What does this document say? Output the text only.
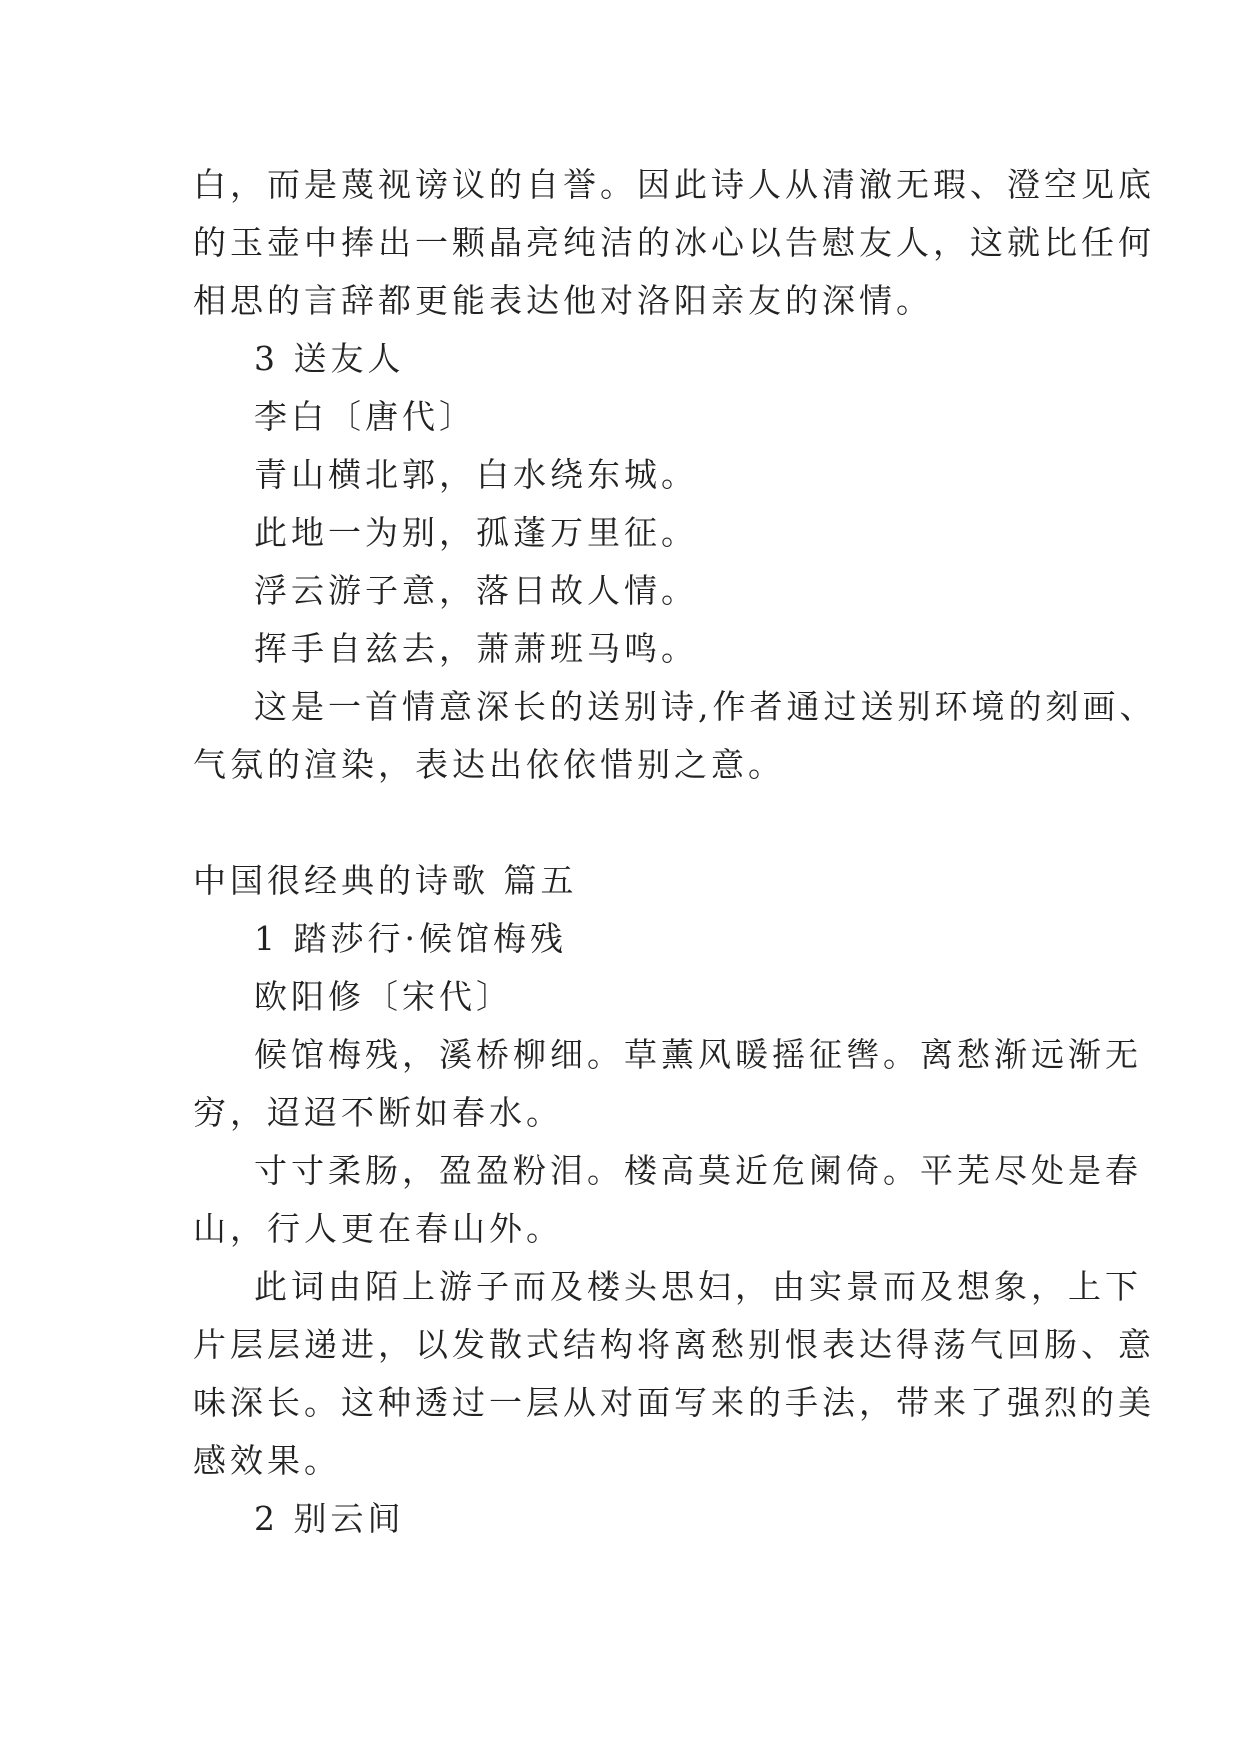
白，而是蔑视谤议的自誉。因此诗人从清澈无瑕、澄空见底
的玉壶中捧出一颗晶亮纯洁的冰心以告慰友人，这就比任何
相思的言辞都更能表达他对洛阳亲友的深情。
3 送友人
李白〔唐代〕
青山横北郭，白水绕东城。
此地一为别，孤蓬万里征。
浮云游子意，落日故人情。
挥手自兹去，萧萧班马鸣。
这是一首情意深长的送别诗,作者通过送别环境的刻画、
气氛的渲染，表达出依依惜别之意。
中国很经典的诗歌 篇五
1 踏莎行·候馆梅残
欧阳修〔宋代〕
候馆梅残，溪桥柳细。草薰风暖摇征辔。离愁渐远渐无
穷，迢迢不断如春水。
寸寸柔肠，盈盈粉泪。楼高莫近危阑倚。平芜尽处是春
山，行人更在春山外。
此词由陌上游子而及楼头思妇，由实景而及想象，上下
片层层递进，以发散式结构将离愁别恨表达得荡气回肠、意
味深长。这种透过一层从对面写来的手法，带来了强烈的美
感效果。
2 别云间
